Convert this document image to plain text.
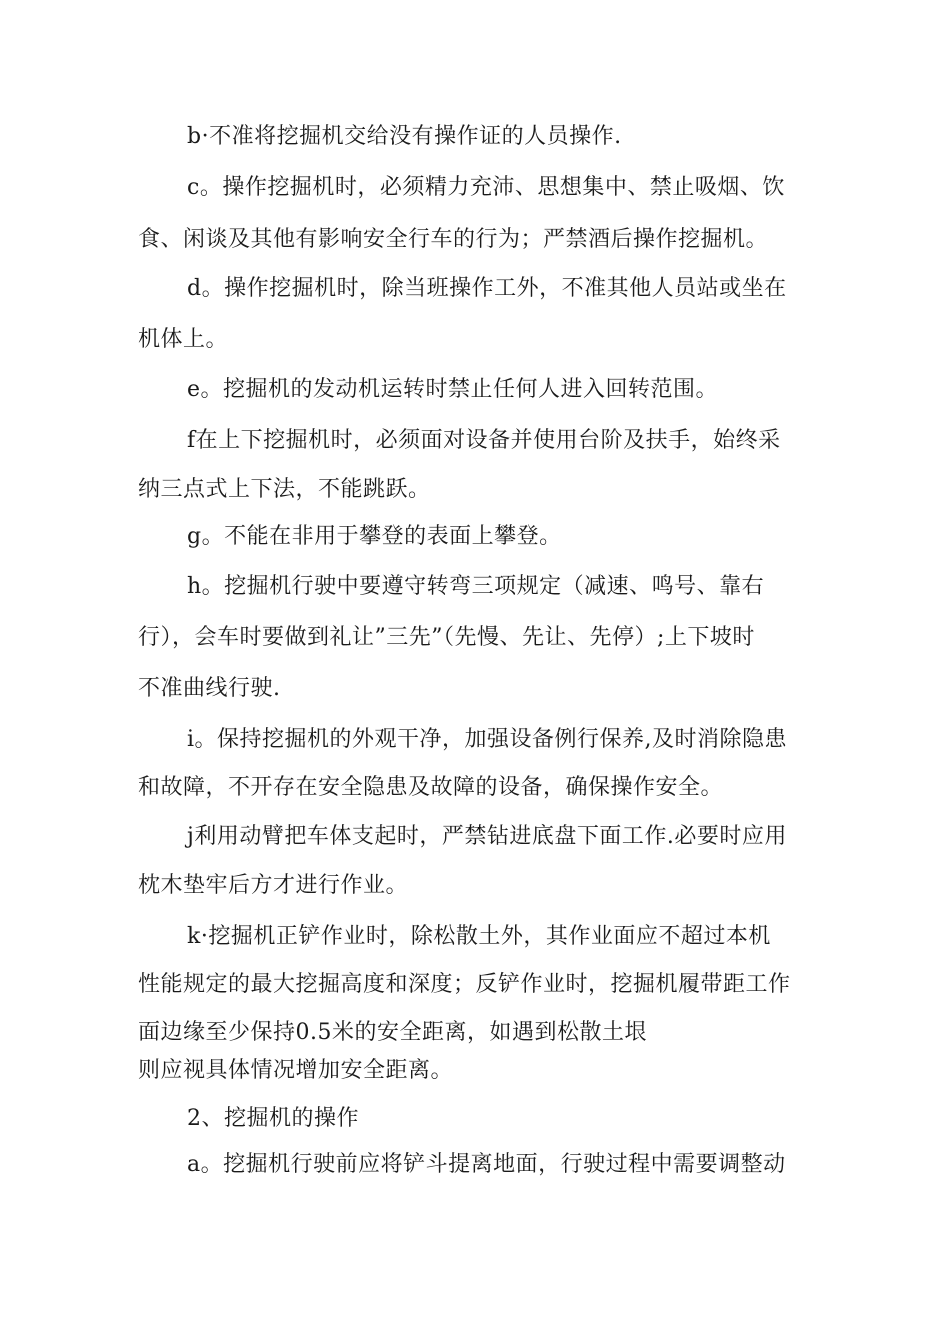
b·不准将挖掘机交给没有操作证的人员操作.
c。操作挖掘机时，必须精力充沛、思想集中、禁止吸烟、饮
食、闲谈及其他有影响安全行车的行为；严禁酒后操作挖掘机。
d。操作挖掘机时，除当班操作工外，不准其他人员站或坐在
机体上。
e。挖掘机的发动机运转时禁止任何人进入回转范围。
f在上下挖掘机时，必须面对设备并使用台阶及扶手，始终采
纳三点式上下法，不能跳跃。
g。不能在非用于攀登的表面上攀登。
h。挖掘机行驶中要遵守转弯三项规定（减速、鸣号、靠右
行），会车时要做到礼让”三先”（先慢、先让、先停）;上下坡时
不准曲线行驶.
i。保持挖掘机的外观干净，加强设备例行保养,及时消除隐患
和故障，不开存在安全隐患及故障的设备，确保操作安全。
j利用动臂把车体支起时，严禁钻进底盘下面工作.必要时应用
枕木垫牢后方才进行作业。
k·挖掘机正铲作业时，除松散土外，其作业面应不超过本机
性能规定的最大挖掘高度和深度；反铲作业时，挖掘机履带距工作
面边缘至少保持0.5米的安全距离，如遇到松散土垠
则应视具体情况增加安全距离。
2、挖掘机的操作
a。挖掘机行驶前应将铲斗提离地面，行驶过程中需要调整动
